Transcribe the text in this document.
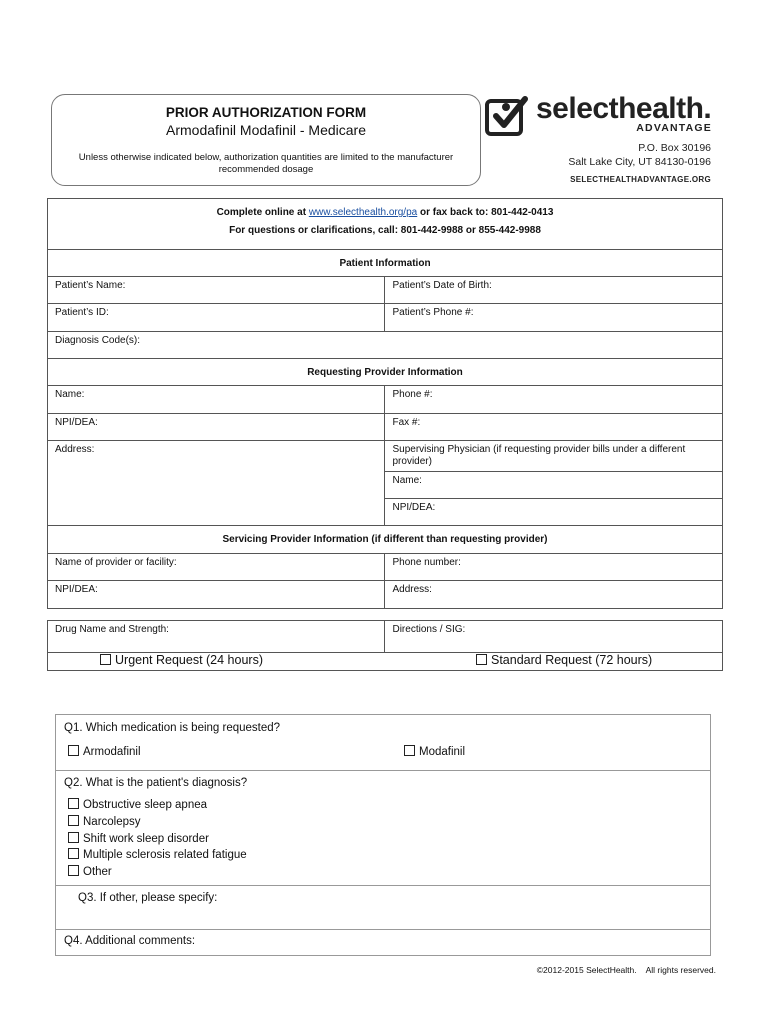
PRIOR AUTHORIZATION FORM
Armodafinil Modafinil - Medicare
Unless otherwise indicated below, authorization quantities are limited to the manufacturer recommended dosage
selecthealth.
ADVANTAGE
P.O. Box 30196
Salt Lake City, UT 84130-0196
SELECTHEALTHADVANTAGE.ORG
Complete online at www.selecthealth.org/pa or fax back to: 801-442-0413
For questions or clarifications, call: 801-442-9988 or 855-442-9988	
Patient Information	
Patient’s Name:	Patient’s Date of Birth:
Patient’s ID:	Patient’s Phone #:
Diagnosis Code(s):	
Requesting Provider Information	
Name:	Phone #:
NPI/DEA:	Fax #:
Address:	Supervising Physician (if requesting provider bills under a different provider)
	Name:
	NPI/DEA:
Servicing Provider Information (if different than requesting provider)	
Name of provider or facility:	Phone number:
NPI/DEA:	Address:
Drug Name and Strength:	Directions / SIG:
Urgent Request (24 hours)	Standard Request (72 hours)
Q1. Which medication is being requested?
Armodafinil	Modafinil
Q2. What is the patient's diagnosis?
Obstructive sleep apnea
Narcolepsy
Shift work sleep disorder
Multiple sclerosis related fatigue
Other
Q3. If other, please specify:
Q4. Additional comments:
©2012-2015 SelectHealth.    All rights reserved.
